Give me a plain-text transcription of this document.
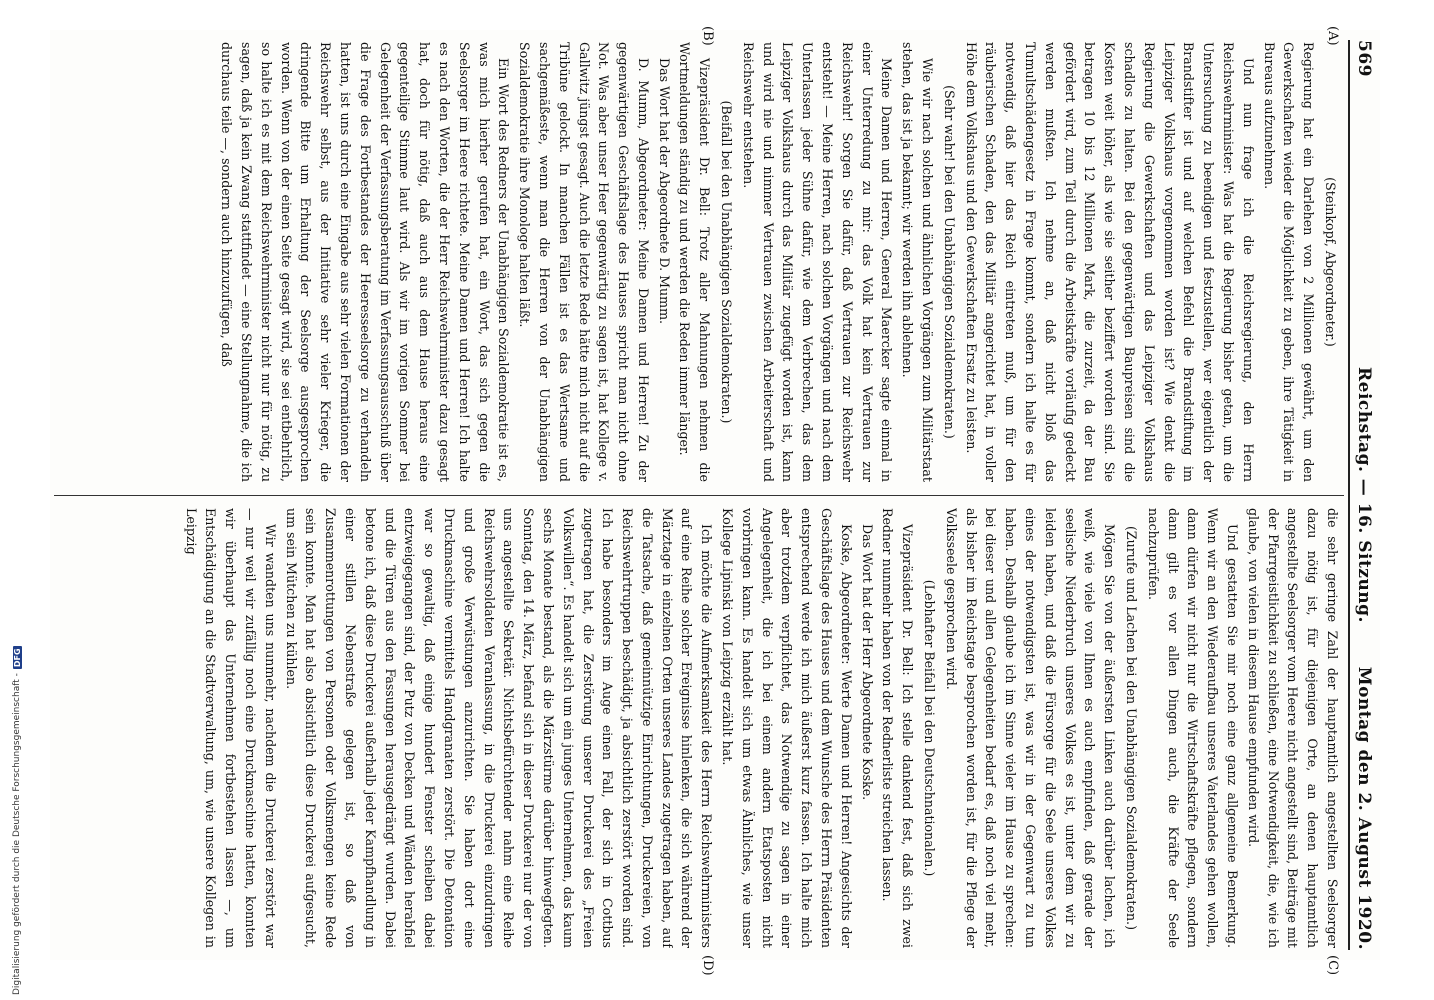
569
Reichstag. — 16. Sitzung.
Montag den 2. August 1920.
(A)
(B)
(C)
(D)

(Steinkopf, Abgeordneter.)

Regierung hat ein Darlehen von 2 Millionen gewährt, um den Gewerkschaften wieder die Möglichkeit zu geben, ihre Tätigkeit in Bureaus aufzunehmen.

Und nun frage ich die Reichsregierung, den Herrn Reichswehrminister: Was hat die Regierung bisher getan, um die Untersuchung zu beendigen und festzustellen, wer eigentlich der Brandstifter ist und auf welchen Befehl die Brandstiftung im Leipziger Volkshaus vorgenommen worden ist? Wie denkt die Regierung die Gewerkschaften und das Leipziger Volkshaus schadlos zu halten. Bei den gegenwärtigen Baupreisen sind die Kosten weit höher, als wie sie seither beziffert worden sind. Sie betragen 10 bis 12 Millionen Mark, die zurzeit, da der Bau gefördert wird, zum Teil durch die Arbeitskräfte vorläufig gedeckt werden mußten. Ich nehme an, daß nicht bloß das Tumultschädengesetz in Frage kommt, sondern ich halte es für notwendig, daß hier das Reich eintreten muß, um für den räuberischen Schaden, den das Militär angerichtet hat, in voller Höhe dem Volkshaus und den Gewerkschaften Ersatz zu leisten.

(Sehr wahr! bei den Unabhängigen Sozialdemokraten.)

Wie wir nach solchen und ähnlichen Vorgängen zum Militärstaat stehen, das ist ja bekannt; wir werden ihn ablehnen.

Meine Damen und Herren, General Maercker sagte einmal in einer Unterredung zu mir: das Volk hat kein Vertrauen zur Reichswehr! Sorgen Sie dafür, daß Vertrauen zur Reichswehr entsteht! — Meine Herren, nach solchen Vorgängen und nach dem Unterlassen jeder Sühne dafür, wie dem Verbrechen, das dem Leipziger Volkshaus durch das Militär zugefügt worden ist, kann und wird nie und nimmer Vertrauen zwischen Arbeiterschaft und Reichswehr entstehen.

(Beifall bei den Unabhängigen Sozialdemokraten.)

Vizepräsident Dr. Bell: Trotz aller Mahnungen nehmen die Wortmeldungen ständig zu und werden die Reden immer länger.

Das Wort hat der Abgeordnete D. Mumm.

D. Mumm, Abgeordneter: Meine Damen und Herren! Zu der gegenwärtigen Geschäftslage des Hauses spricht man nicht ohne Not. Was aber unser Heer gegenwärtig zu sagen ist, hat Kollege v. Gallwitz jüngst gesagt. Auch die letzte Rede hätte mich nicht auf die Tribüne gelockt. In manchen Fällen ist es das Wertsame und sachgemäßeste, wenn man die Herren von der Unabhängigen Sozialdemokratie ihre Monologe halten läßt.

Ein Wort des Redners der Unabhängigen Sozialdemokratie ist es, was mich hierher gerufen hat, ein Wort, das sich gegen die Seelsorger im Heere richtete. Meine Damen und Herren! Ich halte es nach den Worten, die der Herr Reichswehrminister dazu gesagt hat, doch für nötig, daß auch aus dem Hause heraus eine gegenteilige Stimme laut wird. Als wir im vorigen Sommer bei Gelegenheit der Verfassungsberatung im Verfassungsausschuß über die Frage des Fortbestandes der Heeresseelsorge zu verhandeln hatten, ist uns durch eine Eingabe aus sehr vielen Formationen der Reichswehr selbst, aus der Initiative sehr vieler Krieger, die dringende Bitte um Erhaltung der Seelsorge ausgesprochen worden. Wenn von der einen Seite gesagt wird, sie sei entbehrlich, so halte ich es mit dem Reichswehrminister nicht nur für nötig, zu sagen, daß ja kein Zwang stattfindet — eine Stellungnahme, die ich durchaus teile —, sondern auch hinzuzufügen, daß

die sehr geringe Zahl der hauptamtlich angestellten Seelsorger dazu nötig ist, für diejenigen Orte, an denen hauptamtlich angestellte Seelsorger vom Heere nicht angestellt sind, Beiträge mit der Pfarrgeistlichkeit zu schließen, eine Notwendigkeit, die, wie ich glaube, von vielen in diesem Hause empfunden wird.

Und gestatten Sie mir noch eine ganz allgemeine Bemerkung. Wenn wir an den Wiederaufbau unseres Vaterlandes gehen wollen, dann dürfen wir nicht nur die Wirtschaftskräfte pflegen, sondern dann gilt es vor allen Dingen auch, die Kräfte der Seele nachzuprüfen.

(Zurufe und Lachen bei den Unabhängigen Sozialdemokraten.)

Mögen Sie von der äußersten Linken auch darüber lachen, ich weiß, wie viele von Ihnen es auch empfinden, daß gerade der seelische Niederbruch unseres Volkes es ist, unter dem wir zu leiden haben, und daß die Fürsorge für die Seele unseres Volkes eines der notwendigsten ist, was wir in der Gegenwart zu tun haben. Deshalb glaube ich im Sinne vieler im Hause zu sprechen: bei dieser und allen Gelegenheiten bedarf es, daß noch viel mehr, als bisher im Reichstage besprochen worden ist, für die Pflege der Volksseele gesprochen wird.

(Lebhafter Beifall bei den Deutschnationalen.)

Vizepräsident Dr. Bell: Ich stelle dankend fest, daß sich zwei Redner nunmehr haben von der Rednerliste streichen lassen.

Das Wort hat der Herr Abgeordnete Koske.

Koske, Abgeordneter: Werte Damen und Herren! Angesichts der Geschäftslage des Hauses und dem Wunsche des Herrn Präsidenten entsprechend werde ich mich äußerst kurz fassen. Ich halte mich aber trotzdem verpflichtet, das Notwendige zu sagen in einer Angelegenheit, die ich bei einem andern Etatsposten nicht vorbringen kann. Es handelt sich um etwas Ähnliches, wie unser Kollege Lipinski von Leipzig erzählt hat.

Ich möchte die Aufmerksamkeit des Herrn Reichswehrministers auf eine Reihe solcher Ereignisse hinlenken, die sich während der Märztage in einzelnen Orten unseres Landes zugetragen haben, auf die Tatsache, daß gemeinnützige Einrichtungen, Druckereien, von Reichswehrtruppen beschädigt, ja absichtlich zerstört worden sind. Ich habe besonders im Auge einen Fall, der sich in Cottbus zugetragen hat, die Zerstörung unserer Druckerei des „Freien Volkswillen“. Es handelt sich um ein junges Unternehmen, das kaum sechs Monate bestand, als die Märzstürme darüber hinwegfegten. Sonntag, den 14. März, befand sich in dieser Druckerei nur der von uns angestellte Sekretär. Nichtsbefürchtender nahm eine Reihe Reichswehrsoldaten Veranlassung, in die Druckerei einzudringen und große Verwüstungen anzurichten. Sie haben dort eine Druckmaschine vermittels Handgranaten zerstört. Die Detonation war so gewaltig, daß einige hundert Fenster scheiben dabei entzweigegangen sind, der Putz von Decken und Wänden herabfiel und die Türen aus den Fassungen herausgedrängt wurden. Dabei betone ich, daß diese Druckerei außerhalb jeder Kampfhandlung in einer stillen Nebenstraße gelegen ist, so daß von Zusammenrottungen von Personen oder Volksmengen keine Rede sein konnte. Man hat also absichtlich diese Druckerei aufgesucht, um sein Mütchen zu kühlen.

Wir wandten uns nunmehr, nachdem die Druckerei zerstört war — nur weil wir zufällig noch eine Druckmaschine hatten, konnten wir überhaupt das Unternehmen fortbestehen lassen —, um Entschädigung an die Stadtverwaltung, um, wie unsere Kollegen in Leipzig

Digitalisierung gefördert durch die Deutsche Forschungsgemeinschaft -
DFG
